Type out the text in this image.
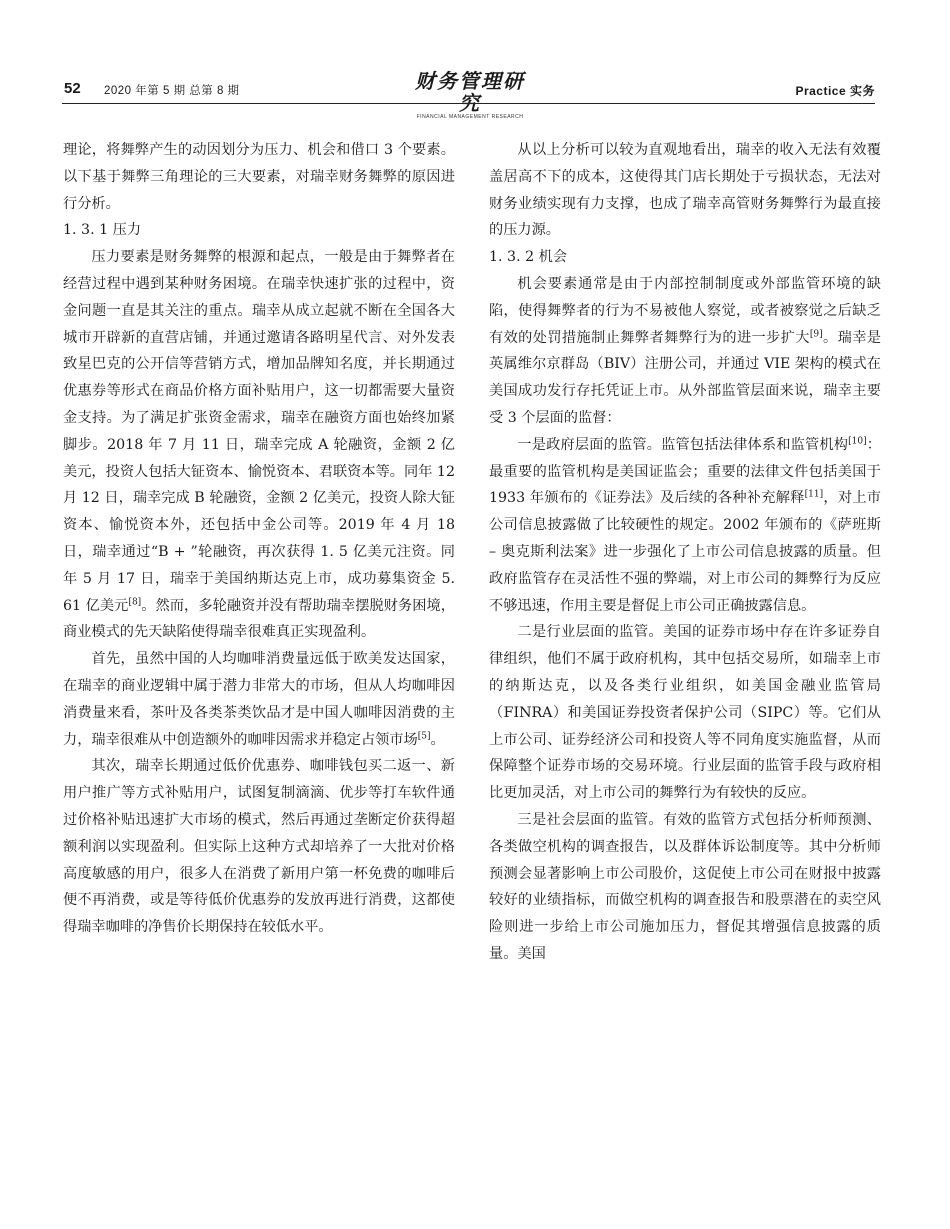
52 2020 年第 5 期 总第 8 期	财务管理研究
FINANCIAL MANAGEMENT RESEARCH
Practice 实务

理论，将舞弊产生的动因划分为压力、机会和借口 3 个要素。以下基于舞弊三角理论的三大要素，对瑞幸财务舞弊的原因进行分析。

1. 3. 1 压力

压力要素是财务舞弊的根源和起点，一般是由于舞弊者在经营过程中遇到某种财务困境。在瑞幸快速扩张的过程中，资金问题一直是其关注的重点。瑞幸从成立起就不断在全国各大城市开辟新的直营店铺，并通过邀请各路明星代言、对外发表致星巴克的公开信等营销方式，增加品牌知名度，并长期通过优惠券等形式在商品价格方面补贴用户，这一切都需要大量资金支持。为了满足扩张资金需求，瑞幸在融资方面也始终加紧脚步。2018 年 7 月 11 日，瑞幸完成 A 轮融资，金额 2 亿美元，投资人包括大钲资本、愉悦资本、君联资本等。同年 12 月 12 日，瑞幸完成 B 轮融资，金额 2 亿美元，投资人除大钲资本、愉悦资本外，还包括中金公司等。2019 年 4 月 18 日，瑞幸通过“B + ”轮融资，再次获得 1. 5 亿美元注资。同年 5 月 17 日，瑞幸于美国纳斯达克上市，成功募集资金 5. 61 亿美元[8]。然而，多轮融资并没有帮助瑞幸摆脱财务困境，商业模式的先天缺陷使得瑞幸很难真正实现盈利。

首先，虽然中国的人均咖啡消费量远低于欧美发达国家，在瑞幸的商业逻辑中属于潜力非常大的市场，但从人均咖啡因消费量来看，茶叶及各类茶类饮品才是中国人咖啡因消费的主力，瑞幸很难从中创造额外的咖啡因需求并稳定占领市场[5]。

其次，瑞幸长期通过低价优惠券、咖啡钱包买二返一、新用户推广等方式补贴用户，试图复制滴滴、优步等打车软件通过价格补贴迅速扩大市场的模式，然后再通过垄断定价获得超额利润以实现盈利。但实际上这种方式却培养了一大批对价格高度敏感的用户，很多人在消费了新用户第一杯免费的咖啡后便不再消费，或是等待低价优惠券的发放再进行消费，这都使得瑞幸咖啡的净售价长期保持在较低水平。

从以上分析可以较为直观地看出，瑞幸的收入无法有效覆盖居高不下的成本，这使得其门店长期处于亏损状态，无法对财务业绩实现有力支撑，也成了瑞幸高管财务舞弊行为最直接的压力源。

1. 3. 2 机会

机会要素通常是由于内部控制制度或外部监管环境的缺陷，使得舞弊者的行为不易被他人察觉，或者被察觉之后缺乏有效的处罚措施制止舞弊者舞弊行为的进一步扩大[9]。瑞幸是英属维尔京群岛（BIV）注册公司，并通过 VIE 架构的模式在美国成功发行存托凭证上市。从外部监管层面来说，瑞幸主要受 3 个层面的监督：

一是政府层面的监管。监管包括法律体系和监管机构[10]：最重要的监管机构是美国证监会；重要的法律文件包括美国于 1933 年颁布的《证券法》及后续的各种补充解释[11]，对上市公司信息披露做了比较硬性的规定。2002 年颁布的《萨班斯 – 奥克斯利法案》进一步强化了上市公司信息披露的质量。但政府监管存在灵活性不强的弊端，对上市公司的舞弊行为反应不够迅速，作用主要是督促上市公司正确披露信息。

二是行业层面的监管。美国的证券市场中存在许多证券自律组织，他们不属于政府机构，其中包括交易所，如瑞幸上市的纳斯达克，以及各类行业组织，如美国金融业监管局（FINRA）和美国证券投资者保护公司（SIPC）等。它们从上市公司、证券经济公司和投资人等不同角度实施监督，从而保障整个证券市场的交易环境。行业层面的监管手段与政府相比更加灵活，对上市公司的舞弊行为有较快的反应。

三是社会层面的监管。有效的监管方式包括分析师预测、各类做空机构的调查报告，以及群体诉讼制度等。其中分析师预测会显著影响上市公司股价，这促使上市公司在财报中披露较好的业绩指标，而做空机构的调查报告和股票潜在的卖空风险则进一步给上市公司施加压力，督促其增强信息披露的质量。美国
